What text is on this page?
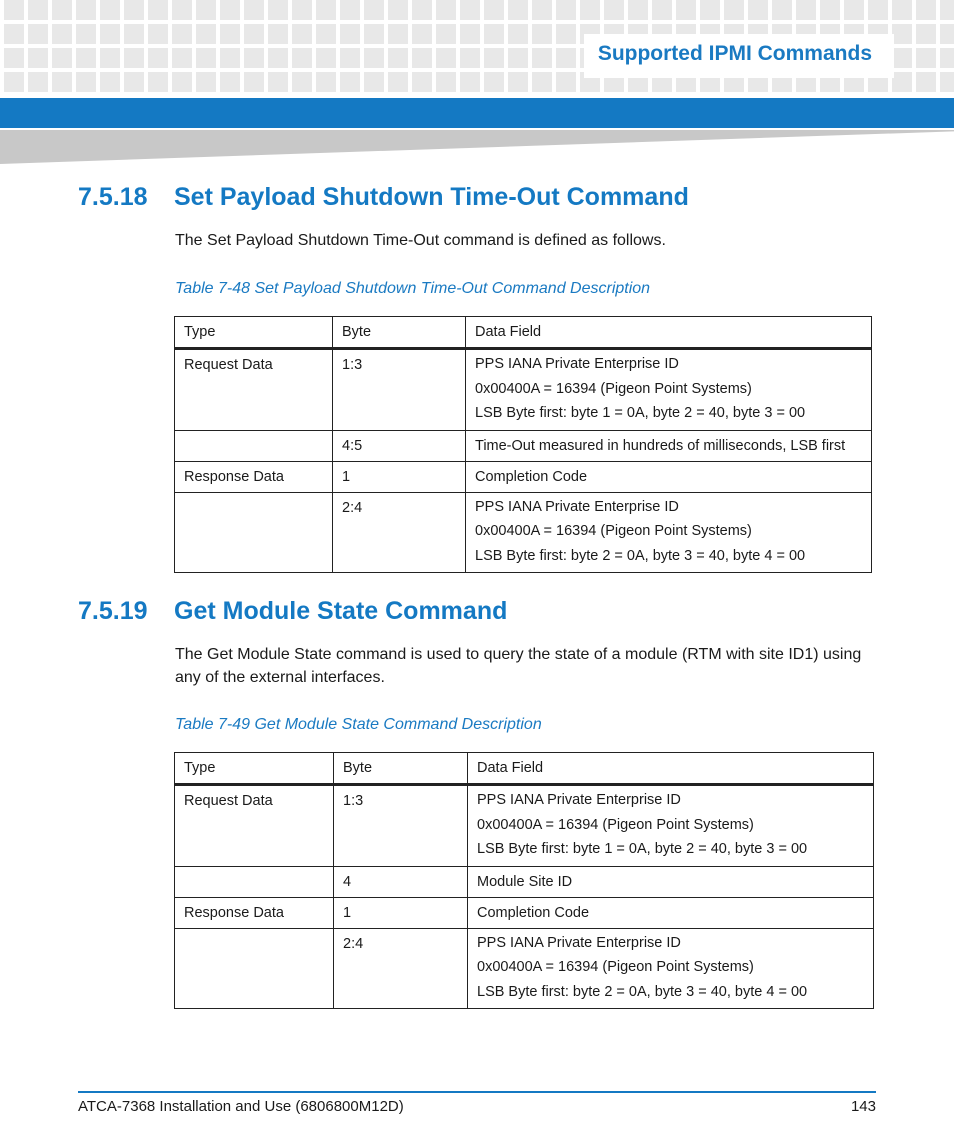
Supported IPMI Commands
7.5.18 Set Payload Shutdown Time-Out Command

The Set Payload Shutdown Time-Out command is defined as follows.

Table 7-48 Set Payload Shutdown Time-Out Command Description

Type	Byte	Data Field
Request Data	1:3	PPS IANA Private Enterprise ID
0x00400A = 16394 (Pigeon Point Systems)
LSB Byte first: byte 1 = 0A, byte 2 = 40, byte 3 = 00

	4:5	Time-Out measured in hundreds of milliseconds, LSB first
Response Data	1	Completion Code
	2:4	PPS IANA Private Enterprise ID
0x00400A = 16394 (Pigeon Point Systems)
LSB Byte first: byte 2 = 0A, byte 3 = 40, byte 4 = 00
7.5.19 Get Module State Command

The Get Module State command is used to query the state of a module (RTM with site ID1) using any of the external interfaces.

Table 7-49 Get Module State Command Description

Type	Byte	Data Field
Request Data	1:3	PPS IANA Private Enterprise ID
0x00400A = 16394 (Pigeon Point Systems)
LSB Byte first: byte 1 = 0A, byte 2 = 40, byte 3 = 00

	4	Module Site ID
Response Data	1	Completion Code
	2:4	PPS IANA Private Enterprise ID
0x00400A = 16394 (Pigeon Point Systems)
LSB Byte first: byte 2 = 0A, byte 3 = 40, byte 4 = 00
ATCA-7368 Installation and Use (6806800M12D)	143
